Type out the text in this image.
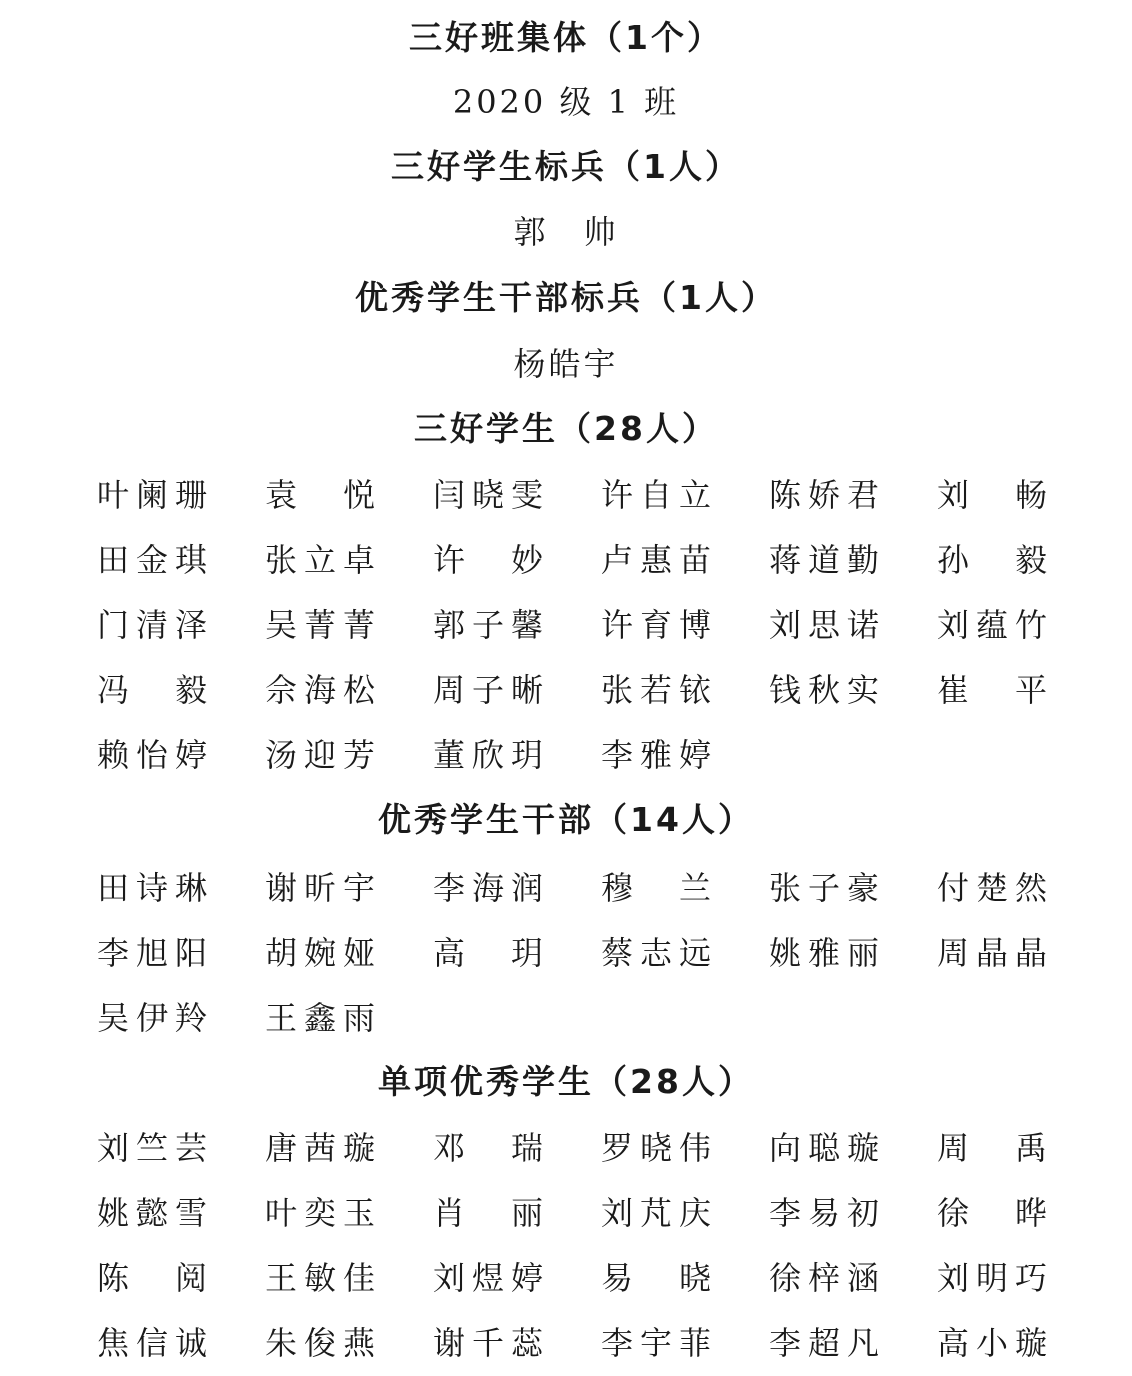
三好班集体（1个）
2020 级 1 班
三好学生标兵（1人）
郭　帅
优秀学生干部标兵（1人）
杨皓宇
三好学生（28人）
叶 阑 珊 袁 悦 闫 晓 雯 许 自 立 陈 娇 君 刘 畅
田 金 琪 张 立 卓 许 妙 卢 惠 苗 蒋 道 勤 孙 毅
门 清 泽 吴 菁 菁 郭 子 馨 许 育 博 刘 思 诺 刘 蕴 竹
冯 毅 佘 海 松 周 子 晰 张 若 铱 钱 秋 实 崔 平
赖 怡 婷 汤 迎 芳 董 欣 玥 李 雅 婷
优秀学生干部（14人）
田 诗 琳 谢 昕 宇 李 海 润 穆 兰 张 子 豪 付 楚 然
李 旭 阳 胡 婉 娅 高 玥 蔡 志 远 姚 雅 丽 周 晶 晶
吴 伊 羚 王 鑫 雨
单项优秀学生（28人）
刘 竺 芸 唐 茜 璇 邓 瑞 罗 晓 伟 向 聪 璇 周 禹
姚 懿 雪 叶 奕 玉 肖 丽 刘 芃 庆 李 易 初 徐 晔
陈 阅 王 敏 佳 刘 煜 婷 易 晓 徐 梓 涵 刘 明 巧
焦 信 诚 朱 俊 燕 谢 千 蕊 李 宇 菲 李 超 凡 高 小 璇
